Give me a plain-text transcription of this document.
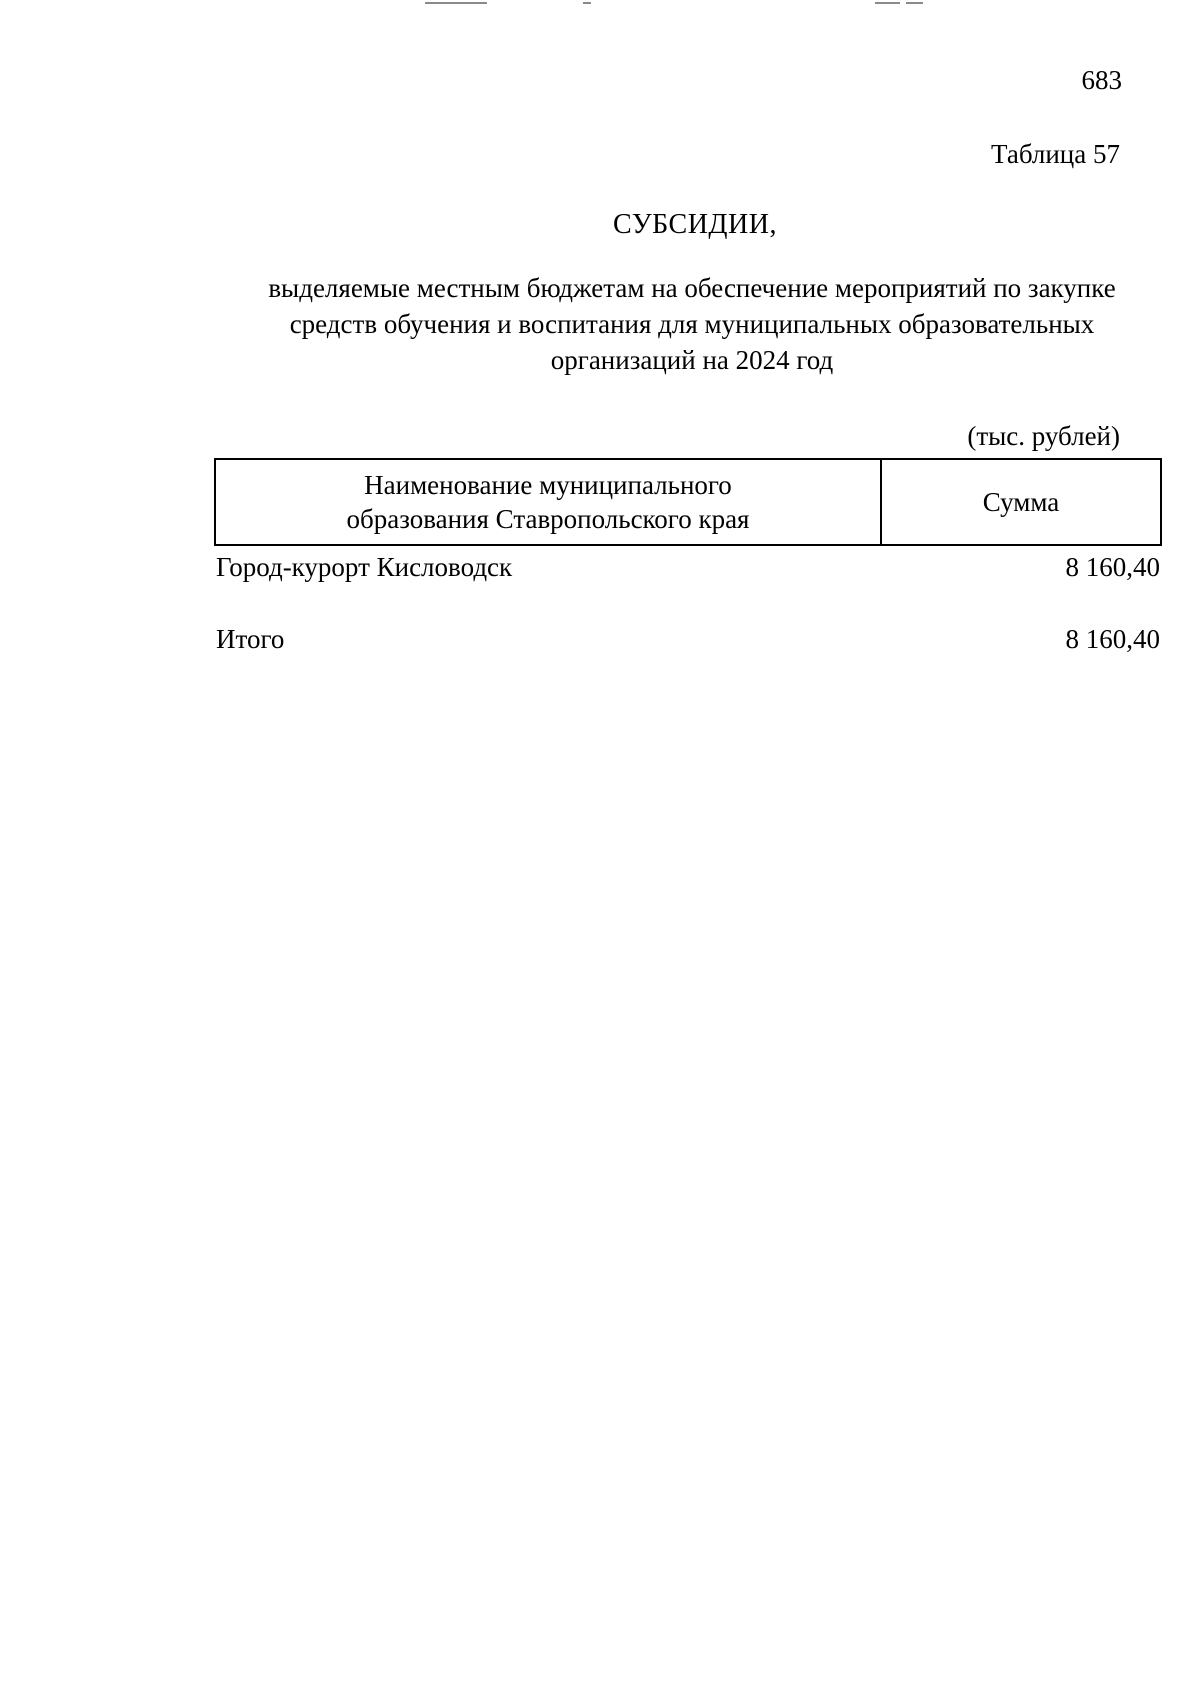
683
Таблица 57
СУБСИДИИ,
выделяемые местным бюджетам на обеспечение мероприятий по закупке
средств обучения и воспитания для муниципальных образовательных
организаций на 2024 год
(тыс. рублей)
Наименование муниципального
образования Ставропольского края
Сумма
Город-курорт Кисловодск	8 160,40
Итого	8 160,40
